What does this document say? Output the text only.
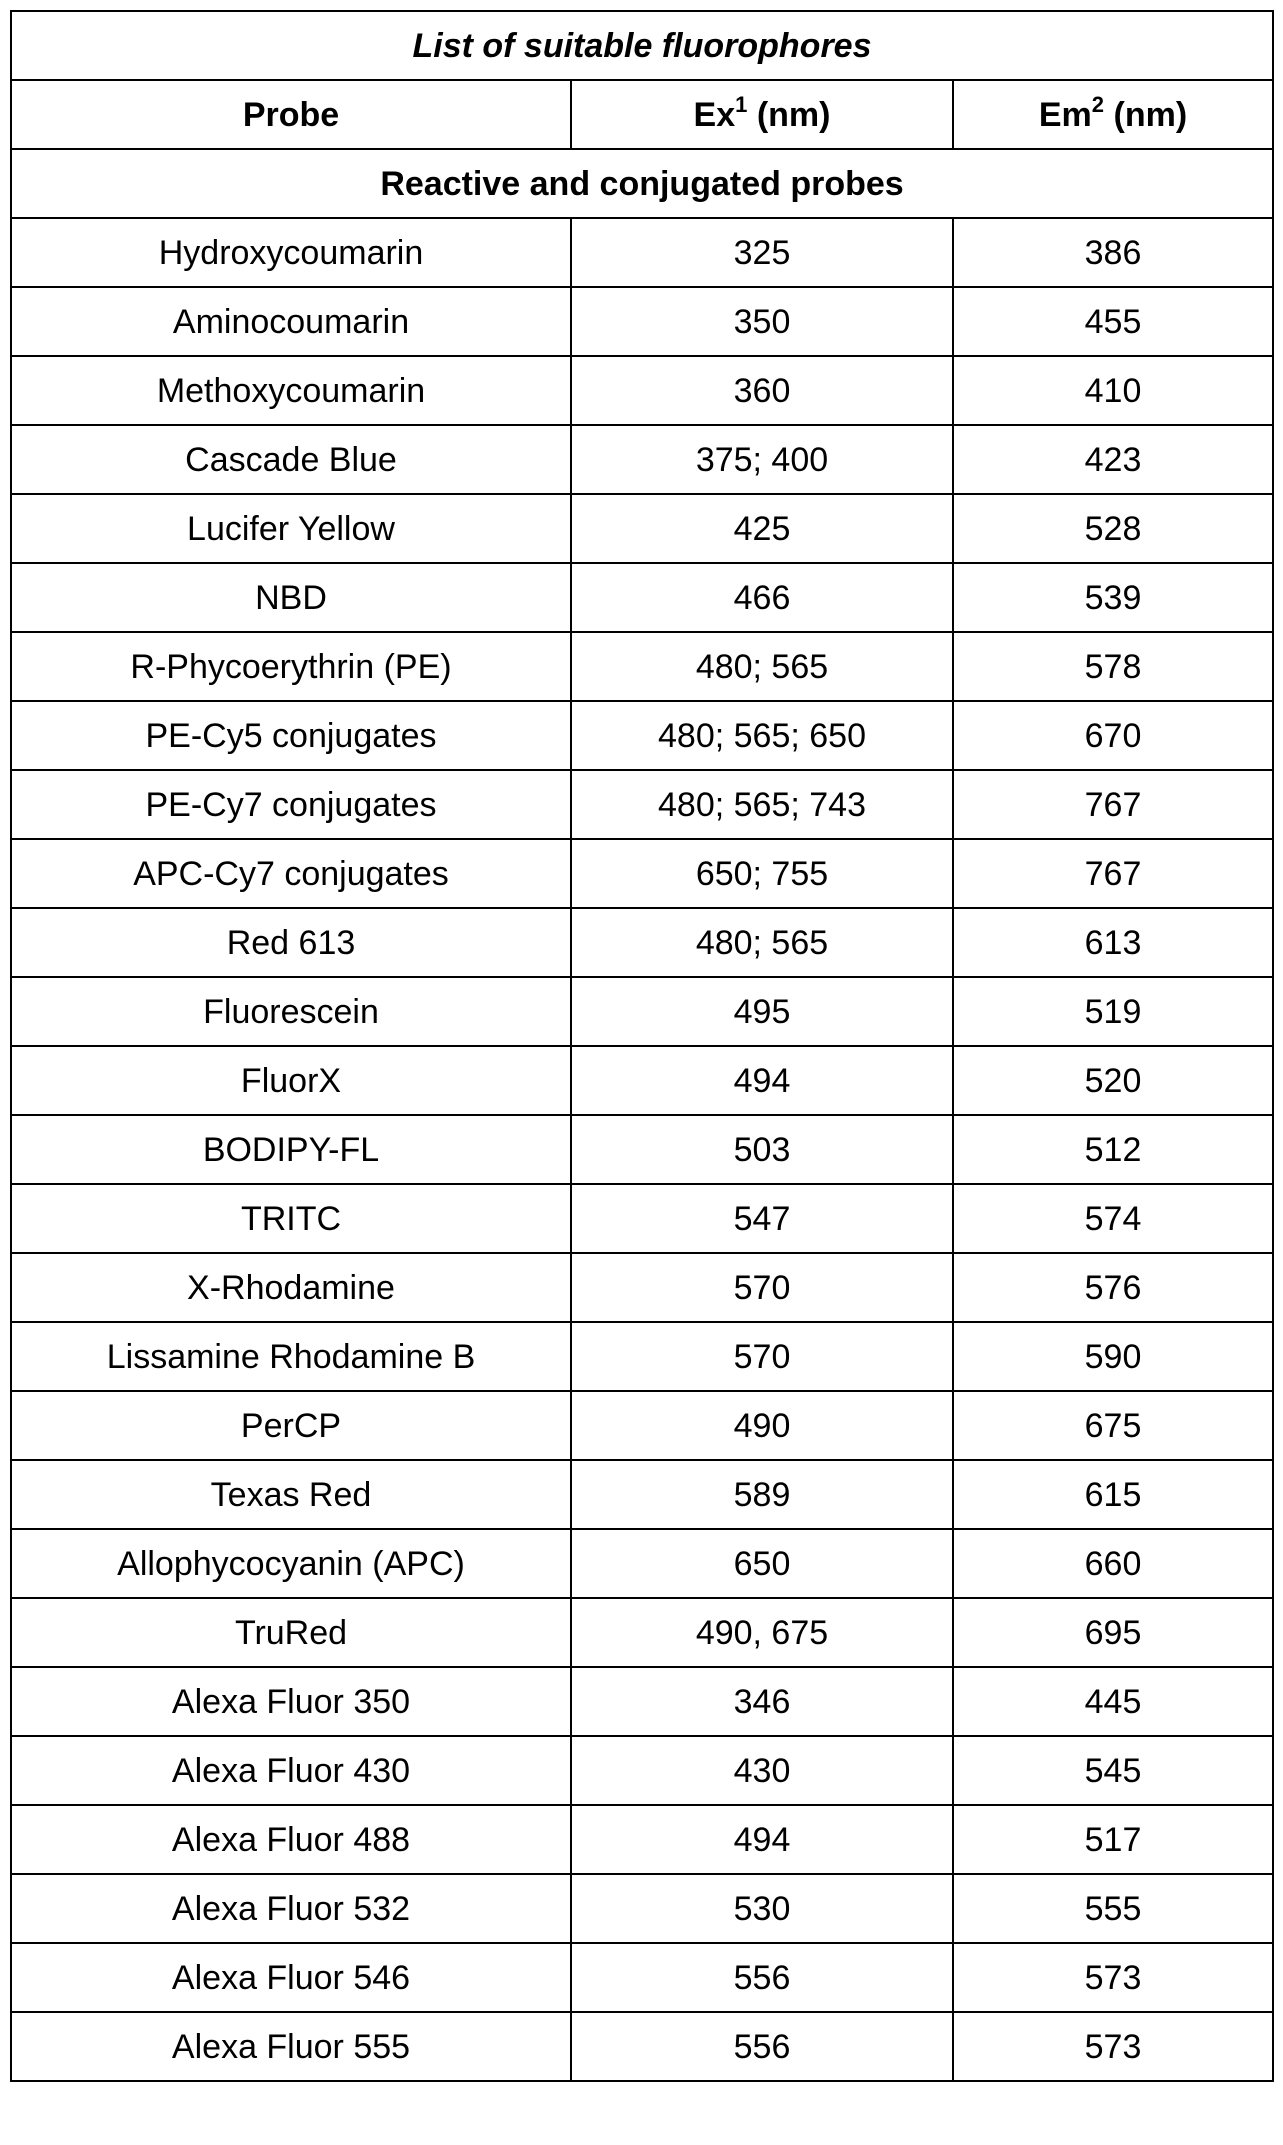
List of suitable fluorophores
Probe	Ex1 (nm)	Em2 (nm)
Reactive and conjugated probes
Hydroxycoumarin	325	386
Aminocoumarin	350	455
Methoxycoumarin	360	410
Cascade Blue	375; 400	423
Lucifer Yellow	425	528
NBD	466	539
R-Phycoerythrin (PE)	480; 565	578
PE-Cy5 conjugates	480; 565; 650	670
PE-Cy7 conjugates	480; 565; 743	767
APC-Cy7 conjugates	650; 755	767
Red 613	480; 565	613
Fluorescein	495	519
FluorX	494	520
BODIPY-FL	503	512
TRITC	547	574
X-Rhodamine	570	576
Lissamine Rhodamine B	570	590
PerCP	490	675
Texas Red	589	615
Allophycocyanin (APC)	650	660
TruRed	490, 675	695
Alexa Fluor 350	346	445
Alexa Fluor 430	430	545
Alexa Fluor 488	494	517
Alexa Fluor 532	530	555
Alexa Fluor 546	556	573
Alexa Fluor 555	556	573
